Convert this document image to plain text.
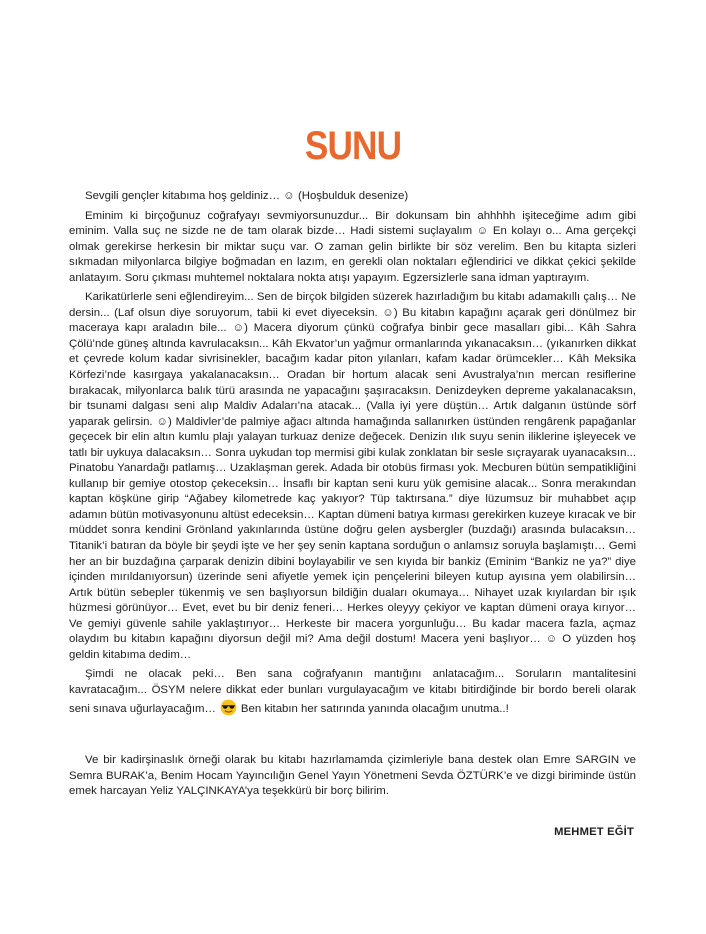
SUNU

Sevgili gençler kitabıma hoş geldiniz… ☺ (Hoşbulduk desenize)

Eminim ki birçoğunuz coğrafyayı sevmiyorsunuzdur... Bir dokunsam bin ahhhhh işiteceğime adım gibi eminim. Valla suç ne sizde ne de tam olarak bizde… Hadi sistemi suçlayalım ☺ En kolayı o... Ama gerçekçi olmak gerekirse herkesin bir miktar suçu var. O zaman gelin birlikte bir söz verelim. Ben bu kitapta sizleri sıkmadan milyonlarca bilgiye boğmadan en lazım, en gerekli olan noktaları eğlendirici ve dikkat çekici şekilde anlatayım. Soru çıkması muhtemel noktalara nokta atışı yapayım. Egzersizlerle sana idman yaptırayım.

Karikatürlerle seni eğlendireyim... Sen de birçok bilgiden süzerek hazırladığım bu kitabı adamakıllı çalış… Ne dersin... (Laf olsun diye soruyorum, tabii ki evet diyeceksin. ☺) Bu kitabın kapağını açarak geri dönülmez bir maceraya kapı araladın bile... ☺) Macera diyorum çünkü coğrafya binbir gece masalları gibi... Kâh Sahra Çölü’nde güneş altında kavrulacaksın... Kâh Ekvator’un yağmur ormanlarında yıkanacaksın… (yıkanırken dikkat et çevrede kolum kadar sivrisinekler, bacağım kadar piton yılanları, kafam kadar örümcekler… Kâh Meksika Körfezi’nde kasırgaya yakalanacaksın… Oradan bir hortum alacak seni Avustralya’nın mercan resiflerine bırakacak, milyonlarca balık türü arasında ne yapacağını şaşıracaksın. Denizdeyken depreme yakalanacaksın, bir tsunami dalgası seni alıp Maldiv Adaları’na atacak... (Valla iyi yere düştün… Artık dalganın üstünde sörf yaparak gelirsin. ☺) Maldivler’de palmiye ağacı altında hamağında sallanırken üstünden rengârenk papağanlar geçecek bir elin altın kumlu plajı yalayan turkuaz denize değecek. Denizin ılık suyu senin iliklerine işleyecek ve tatlı bir uykuya dalacaksın… Sonra uykudan top mermisi gibi kulak zonklatan bir sesle sıçrayarak uyanacaksın... Pinatobu Yanardağı patlamış… Uzaklaşman gerek. Adada bir otobüs firması yok. Mecburen bütün sempatikliğini kullanıp bir gemiye otostop çekeceksin… İnsaflı bir kaptan seni kuru yük gemisine alacak... Sonra merakından kaptan köşküne girip “Ağabey kilometrede kaç yakıyor? Tüp taktırsana.” diye lüzumsuz bir muhabbet açıp adamın bütün motivasyonunu altüst edeceksin… Kaptan dümeni batıya kırması gerekirken kuzeye kıracak ve bir müddet sonra kendini Grönland yakınlarında üstüne doğru gelen aysbergler (buzdağı) arasında bulacaksın… Titanik’i batıran da böyle bir şeydi işte ve her şey senin kaptana sorduğun o anlamsız soruyla başlamıştı… Gemi her an bir buzdağına çarparak denizin dibini boylayabilir ve sen kıyıda bir bankiz (Eminim “Bankiz ne ya?” diye içinden mırıldanıyorsun) üzerinde seni afiyetle yemek için pençelerini bileyen kutup ayısına yem olabilirsin… Artık bütün sebepler tükenmiş ve sen başlıyorsun bildiğin duaları okumaya… Nihayet uzak kıyılardan bir ışık hüzmesi görünüyor… Evet, evet bu bir deniz feneri… Herkes oleyyy çekiyor ve kaptan dümeni oraya kırıyor… Ve gemiyi güvenle sahile yaklaştırıyor… Herkeste bir macera yorgunluğu… Bu kadar macera fazla, açmaz olaydım bu kitabın kapağını diyorsun değil mi? Ama değil dostum! Macera yeni başlıyor… ☺ O yüzden hoş geldin kitabıma dedim…

Şimdi ne olacak peki… Ben sana coğrafyanın mantığını anlatacağım... Soruların mantalitesini kavratacağım... ÖSYM nelere dikkat eder bunları vurgulayacağım ve kitabı bitirdiğinde bir bordo bereli olarak seni sınava uğurlayacağım… Ben kitabın her satırında yanında olacağım unutma..!

Ve bir kadirşinaslık örneği olarak bu kitabı hazırlamamda çizimleriyle bana destek olan Emre SARGIN ve Semra BURAK’a, Benim Hocam Yayıncılığın Genel Yayın Yönetmeni Sevda ÖZTÜRK’e ve dizgi biriminde üstün emek harcayan Yeliz YALÇINKAYA’ya teşekkürü bir borç bilirim.

MEHMET EĞİT
